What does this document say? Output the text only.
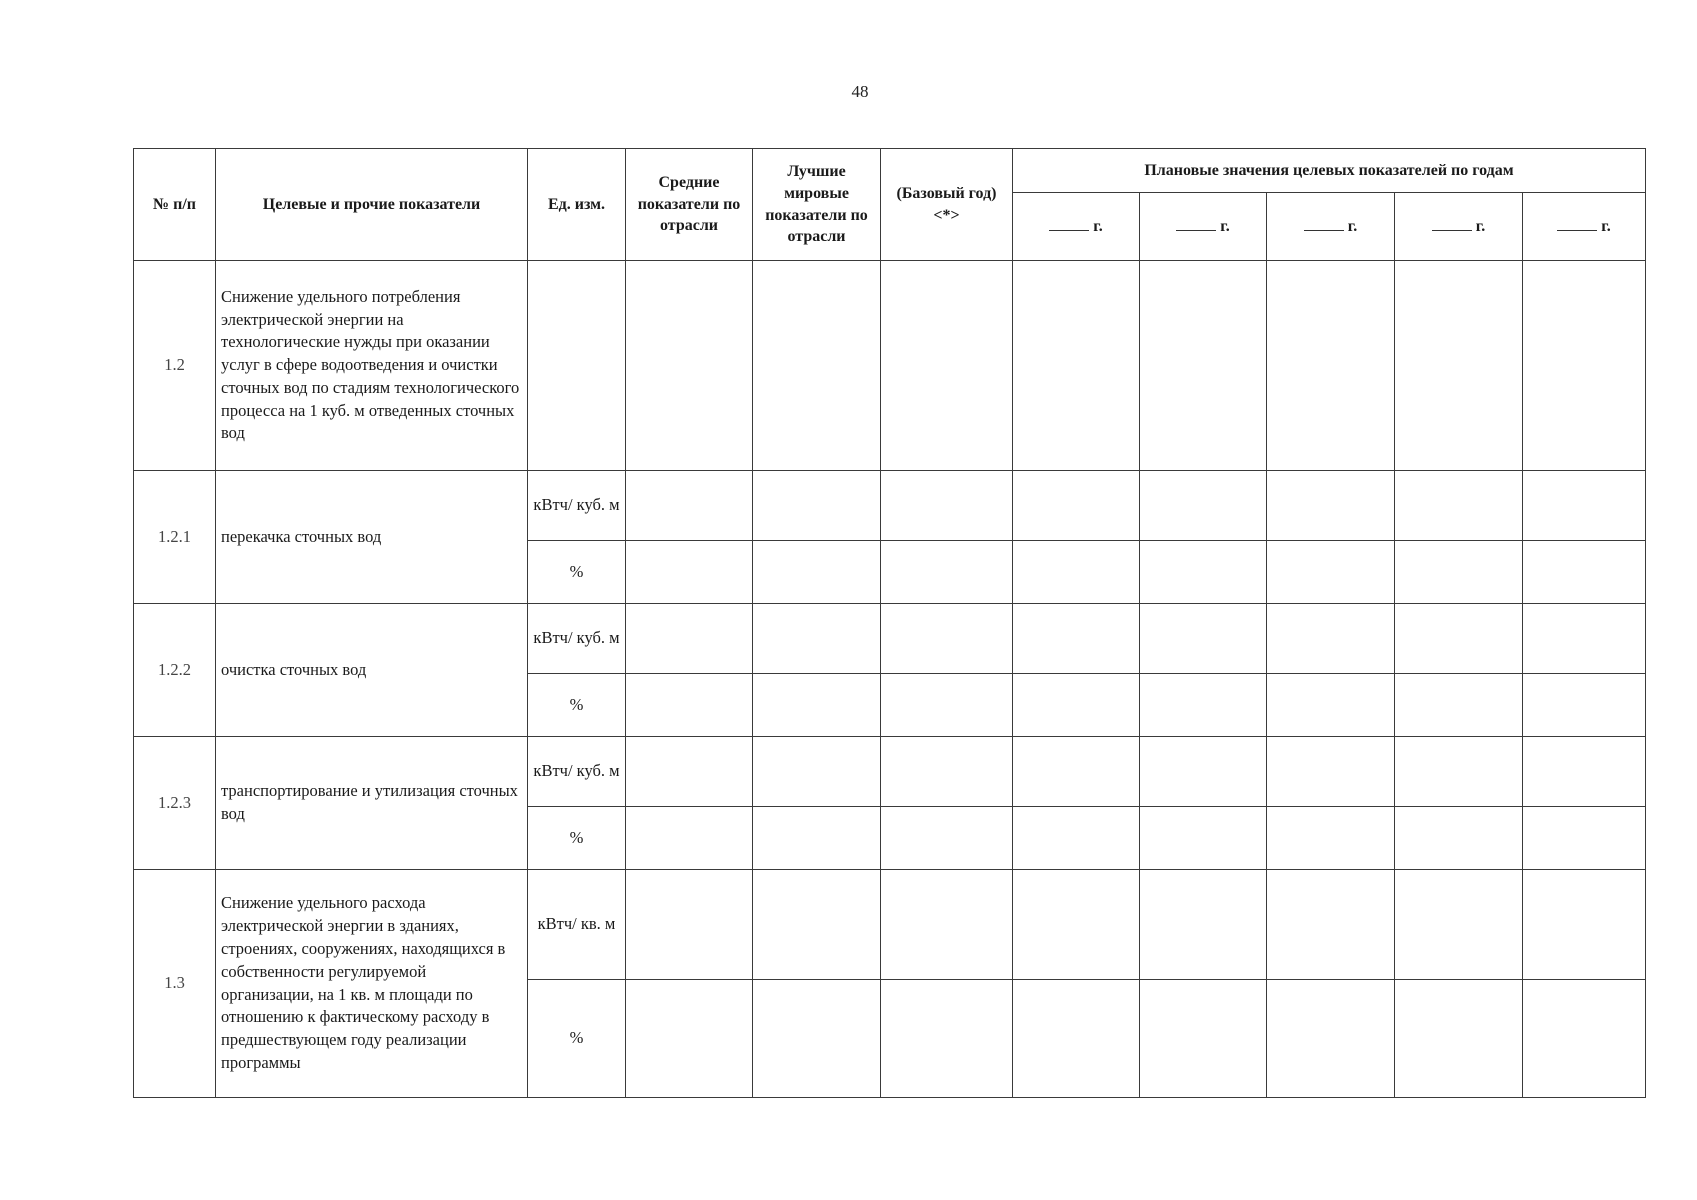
48
№ п/п	Целевые и прочие показатели	Ед. изм.	Средние показатели по отрасли	Лучшие мировые показатели по отрасли	(Базовый год) <*>	Плановые значения целевых показателей по годам				
						г.	г.	г.	г.	г.
1.2	Снижение удельного потребления электрической энергии на технологические нужды при оказании услуг в сфере водоотведения и очистки сточных вод по стадиям технологического процесса на 1 куб. м отведенных сточных вод									
1.2.1	перекачка сточных вод	кВтч/ куб. м								
		%								
1.2.2	очистка сточных вод	кВтч/ куб. м								
		%								
1.2.3	транспортирование и утилизация сточных вод	кВтч/ куб. м								
		%								
1.3	Снижение удельного расхода электрической энергии в зданиях, строениях, сооружениях, находящихся в собственности регулируемой организации, на 1 кв. м площади по отношению к фактическому расходу в предшествующем году реализации программы	кВтч/ кв. м								
		%								
